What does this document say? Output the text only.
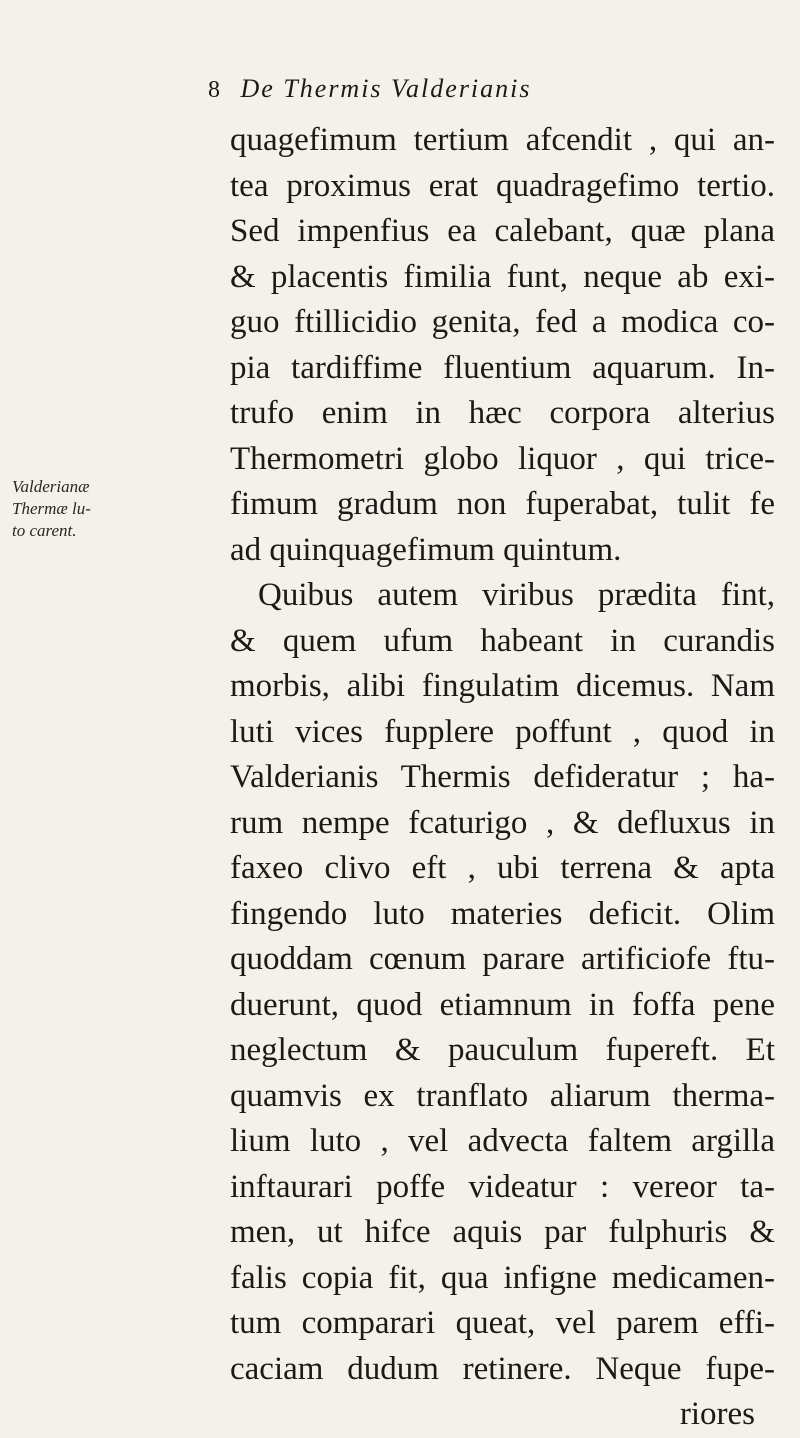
8 De Thermis Valderianis
Valderianæ
Thermæ lu-
to carent.
quagefimum tertium afcendit , qui an-
tea proximus erat quadragefimo tertio.
Sed impenfius ea calebant, quæ plana
& placentis fimilia funt, neque ab exi-
guo ftillicidio genita, fed a modica co-
pia tardiffime fluentium aquarum. In-
trufo enim in hæc corpora alterius
Thermometri globo liquor , qui trice-
fimum gradum non fuperabat, tulit fe
ad quinquagefimum quintum.
Quibus autem viribus prædita fint,
& quem ufum habeant in curandis
morbis, alibi fingulatim dicemus. Nam
luti vices fupplere poffunt , quod in
Valderianis Thermis defideratur ; ha-
rum nempe fcaturigo , & defluxus in
faxeo clivo eft , ubi terrena & apta
fingendo luto materies deficit. Olim
quoddam cœnum parare artificiofe ftu-
duerunt, quod etiamnum in foffa pene
neglectum & pauculum fupereft. Et
quamvis ex tranflato aliarum therma-
lium luto , vel advecta faltem argilla
inftaurari poffe videatur : vereor ta-
men, ut hifce aquis par fulphuris &
falis copia fit, qua infigne medicamen-
tum comparari queat, vel parem effi-
caciam dudum retinere. Neque fupe-
riores
